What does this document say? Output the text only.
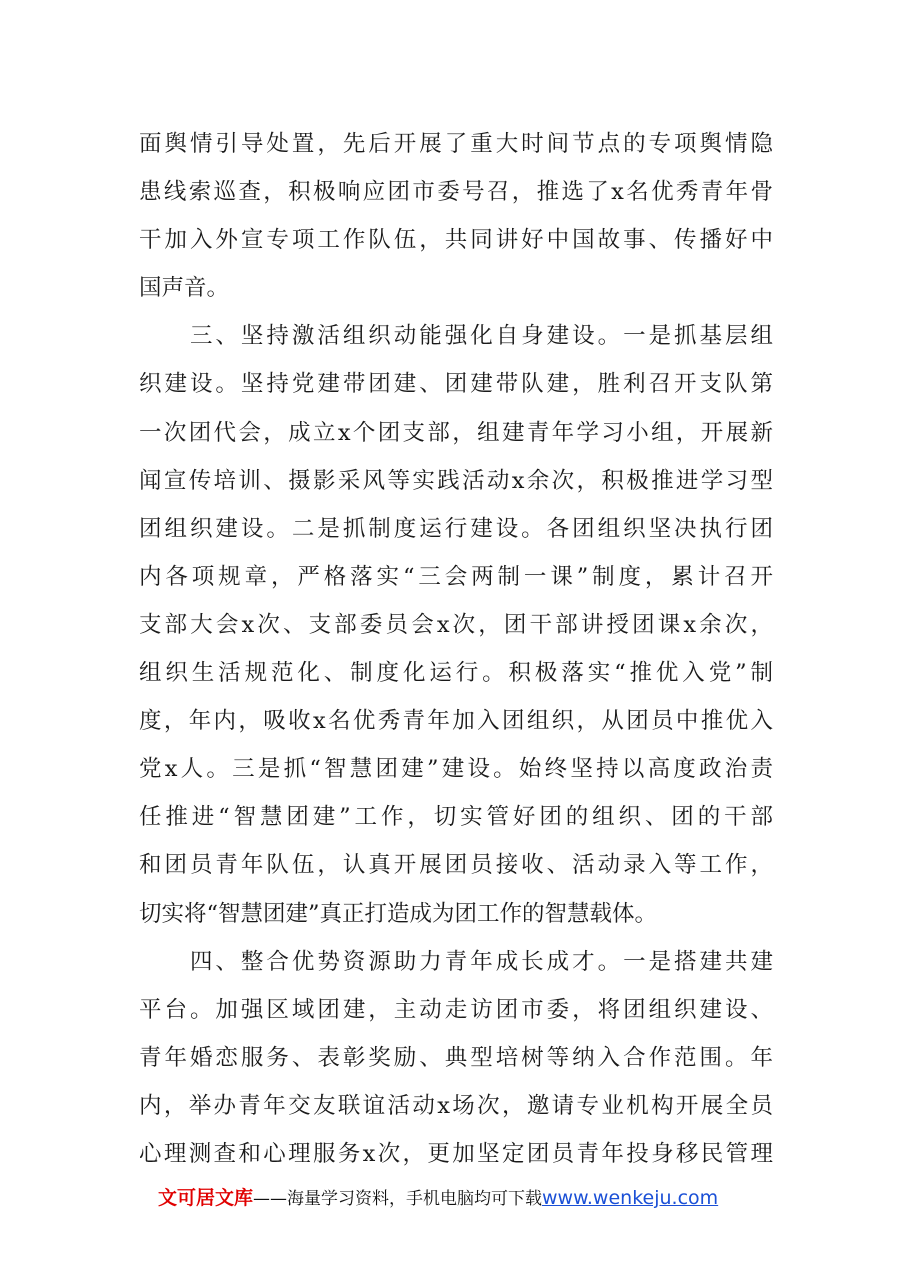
面舆情引导处置，先后开展了重大时间节点的专项舆情隐
患线索巡查，积极响应团市委号召，推选了x名优秀青年骨
干加入外宣专项工作队伍，共同讲好中国故事、传播好中
国声音。
　　三、坚持激活组织动能强化自身建设。一是抓基层组
织建设。坚持党建带团建、团建带队建，胜利召开支队第
一次团代会，成立x个团支部，组建青年学习小组，开展新
闻宣传培训、摄影采风等实践活动x余次，积极推进学习型
团组织建设。二是抓制度运行建设。各团组织坚决执行团
内各项规章，严格落实“三会两制一课”制度，累计召开
支部大会x次、支部委员会x次，团干部讲授团课x余次，
组织生活规范化、制度化运行。积极落实“推优入党”制
度，年内，吸收x名优秀青年加入团组织，从团员中推优入
党x人。三是抓“智慧团建”建设。始终坚持以高度政治责
任推进“智慧团建”工作，切实管好团的组织、团的干部
和团员青年队伍，认真开展团员接收、活动录入等工作，
切实将“智慧团建”真正打造成为团工作的智慧载体。
　　四、整合优势资源助力青年成长成才。一是搭建共建
平台。加强区域团建，主动走访团市委，将团组织建设、
青年婚恋服务、表彰奖励、典型培树等纳入合作范围。年
内，举办青年交友联谊活动x场次，邀请专业机构开展全员
心理测查和心理服务x次，更加坚定团员青年投身移民管理
文可居文库——海量学习资料，手机电脑均可下载www.wenkeju.com
